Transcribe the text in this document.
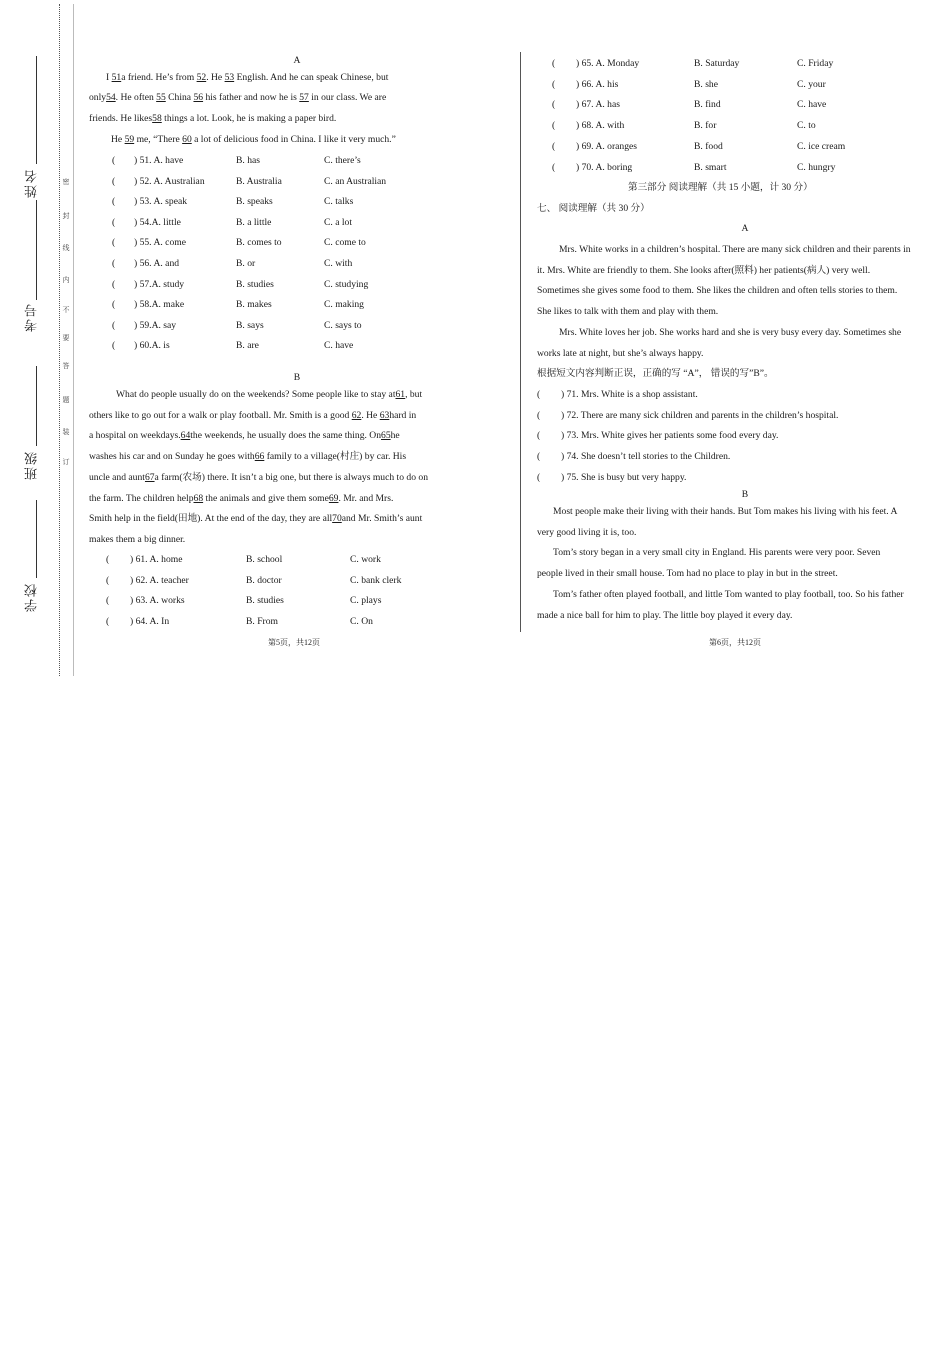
姓名
考号
班级
学校
密
封
线
内
不
要
答
题
装
订
A
I 51a friend. He’s from 52. He 53 English. And he can speak Chinese, but
only54. He often 55 China 56 his father and now he is 57 in our class. We are
friends. He likes58 things a lot. Look, he is making a paper bird.
He 59 me, “There 60 a lot of delicious food in China. I like it very much.”
( ) 51. A. have	B. has	C. there’s
( ) 52. A. Australian	B. Australia	C. an Australian
( ) 53. A. speak	B. speaks	C. talks
( ) 54.A. little	B. a little	C. a lot
( ) 55. A. come	B. comes to	C. come to
( ) 56. A. and	B. or	C. with
( ) 57.A. study	B. studies	C. studying
( ) 58.A. make	B. makes	C. making
( ) 59.A. say	B. says	C. says to
( ) 60.A. is	B. are	C. have
B
What do people usually do on the weekends? Some people like to stay at61, but
others like to go out for a walk or play football. Mr. Smith is a good 62. He 63hard in
a hospital on weekdays.64the weekends, he usually does the same thing. On65he
washes his car and on Sunday he goes with66 family to a village(村庄) by car. His
uncle and aunt67a farm(农场) there. It isn’t a big one, but there is always much to do on
the farm. The children help68 the animals and give them some69. Mr. and Mrs.
Smith help in the field(田地). At the end of the day, they are all70and Mr. Smith’s aunt
makes them a big dinner.
( ) 61. A. home	B. school	C. work
( ) 62. A. teacher	B. doctor	C. bank clerk
( ) 63. A. works	B. studies	C. plays
( ) 64. A. In	B. From	C. On
第5页，共12页
( ) 65. A. Monday	B. Saturday	C. Friday
( ) 66. A. his	B. she	C. your
( ) 67. A. has	B. find	C. have
( ) 68. A. with	B. for	C. to
( ) 69. A. oranges	B. food	C. ice cream
( ) 70. A. boring	B. smart	C. hungry
第三部分 阅读理解（共 15 小题，计 30 分）
七、 阅读理解（共 30 分）
A
Mrs. White works in a children’s hospital. There are many sick children and their parents in
it. Mrs. White are friendly to them. She looks after(照料) her patients(病人) very well.
Sometimes she gives some food to them. She likes the children and often tells stories to them.
She likes to talk with them and play with them.
Mrs. White loves her job. She works hard and she is very busy every day. Sometimes she
works late at night, but she’s always happy.
根据短文内容判断正误，正确的写 “A”， 错误的写”B”。
( ) 71. Mrs. White is a shop assistant.
( ) 72. There are many sick children and parents in the children’s hospital.
( ) 73. Mrs. White gives her patients some food every day.
( ) 74. She doesn’t tell stories to the Children.
( ) 75. She is busy but very happy.
B
Most people make their living with their hands. But Tom makes his living with his feet. A
very good living it is, too.
Tom’s story began in a very small city in England. His parents were very poor. Seven
people lived in their small house. Tom had no place to play in but in the street.
Tom’s father often played football, and little Tom wanted to play football, too. So his father
made a nice ball for him to play. The little boy played it every day.
第6页，共12页
